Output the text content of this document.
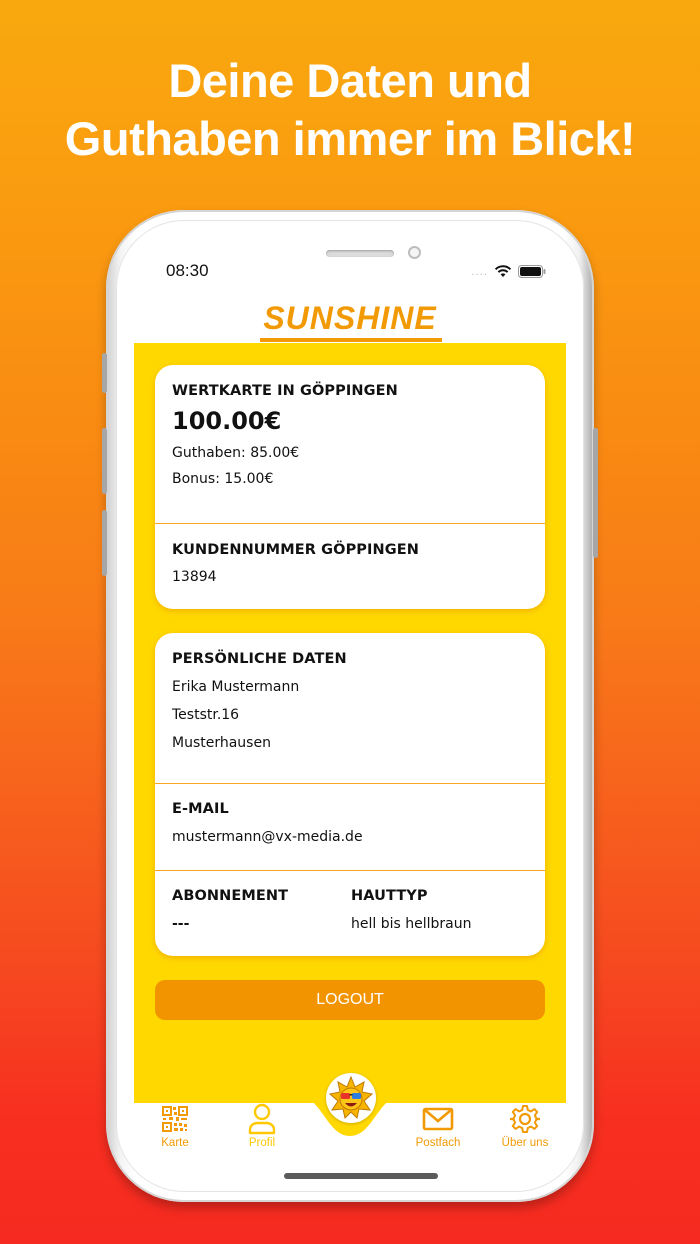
Deine Daten und
Guthaben immer im Blick!
08:30	....
SUNSHINE
WERTKARTE IN GÖPPINGEN
100.00€
Guthaben: 85.00€
Bonus: 15.00€
KUNDENNUMMER GÖPPINGEN
13894
PERSÖNLICHE DATEN
Erika Mustermann
Teststr.16
Musterhausen
E-MAIL
mustermann@vx-media.de
ABONNEMENT
---
HAUTTYP
hell bis hellbraun
LOGOUT
Karte	Profil	Postfach	Über uns
